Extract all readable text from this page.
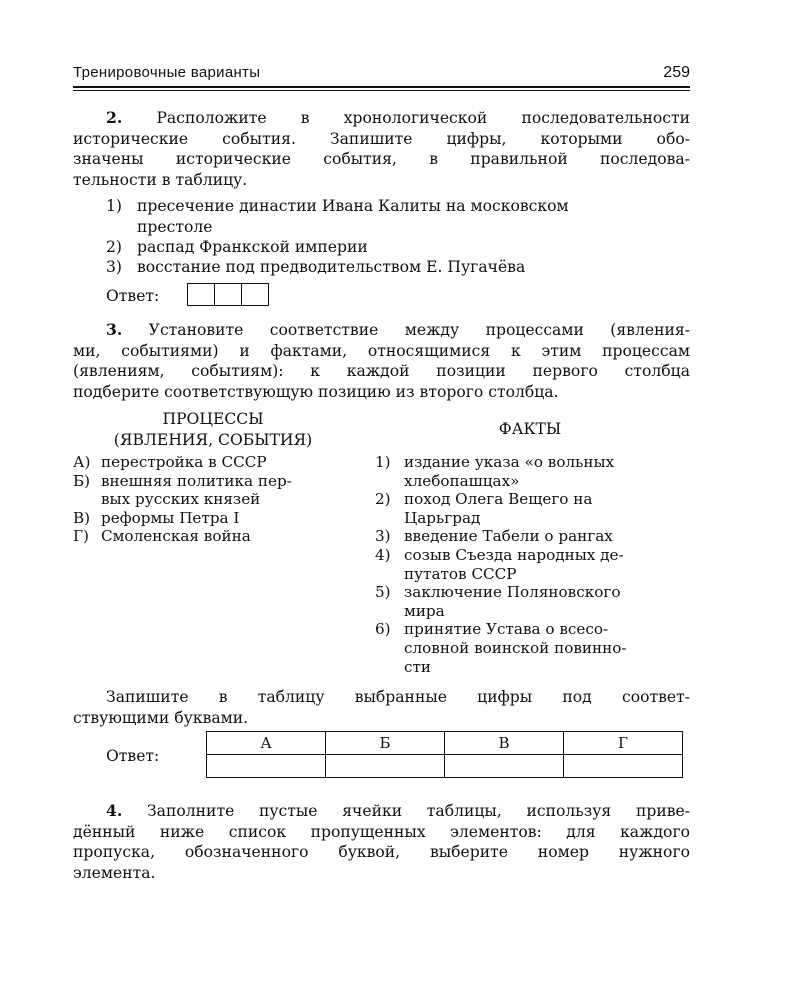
Тренировочные варианты	259
2. Расположите в хронологической последовательности
исторические события. Запишите цифры, которыми обо-
значены исторические события, в правильной последова-
тельности в таблицу.
1) пресечение династии Ивана Калиты на московском
престоле
2) распад Франкской империи
3) восстание под предводительством Е. Пугачёва
Ответ:
3. Установите соответствие между процессами (явления-
ми, событиями) и фактами, относящимися к этим процессам
(явлениям, событиям): к каждой позиции первого столбца
подберите соответствующую позицию из второго столбца.
ПРОЦЕССЫ
(ЯВЛЕНИЯ, СОБЫТИЯ)
ФАКТЫ
А) перестройка в СССР
Б) внешняя политика пер-
вых русских князей
В) реформы Петра I
Г) Смоленская война
1) издание указа «о вольных
хлебопашцах»
2) поход Олега Вещего на
Царьград
3) введение Табели о рангах
4) созыв Съезда народных де-
путатов СССР
5) заключение Поляновского
мира
6) принятие Устава о всесо-
словной воинской повинно-
сти
Запишите в таблицу выбранные цифры под соответ-
ствующими буквами.
Ответ:
А	Б	В	Г

4. Заполните пустые ячейки таблицы, используя приве-
дённый ниже список пропущенных элементов: для каждого
пропуска, обозначенного буквой, выберите номер нужного
элемента.
